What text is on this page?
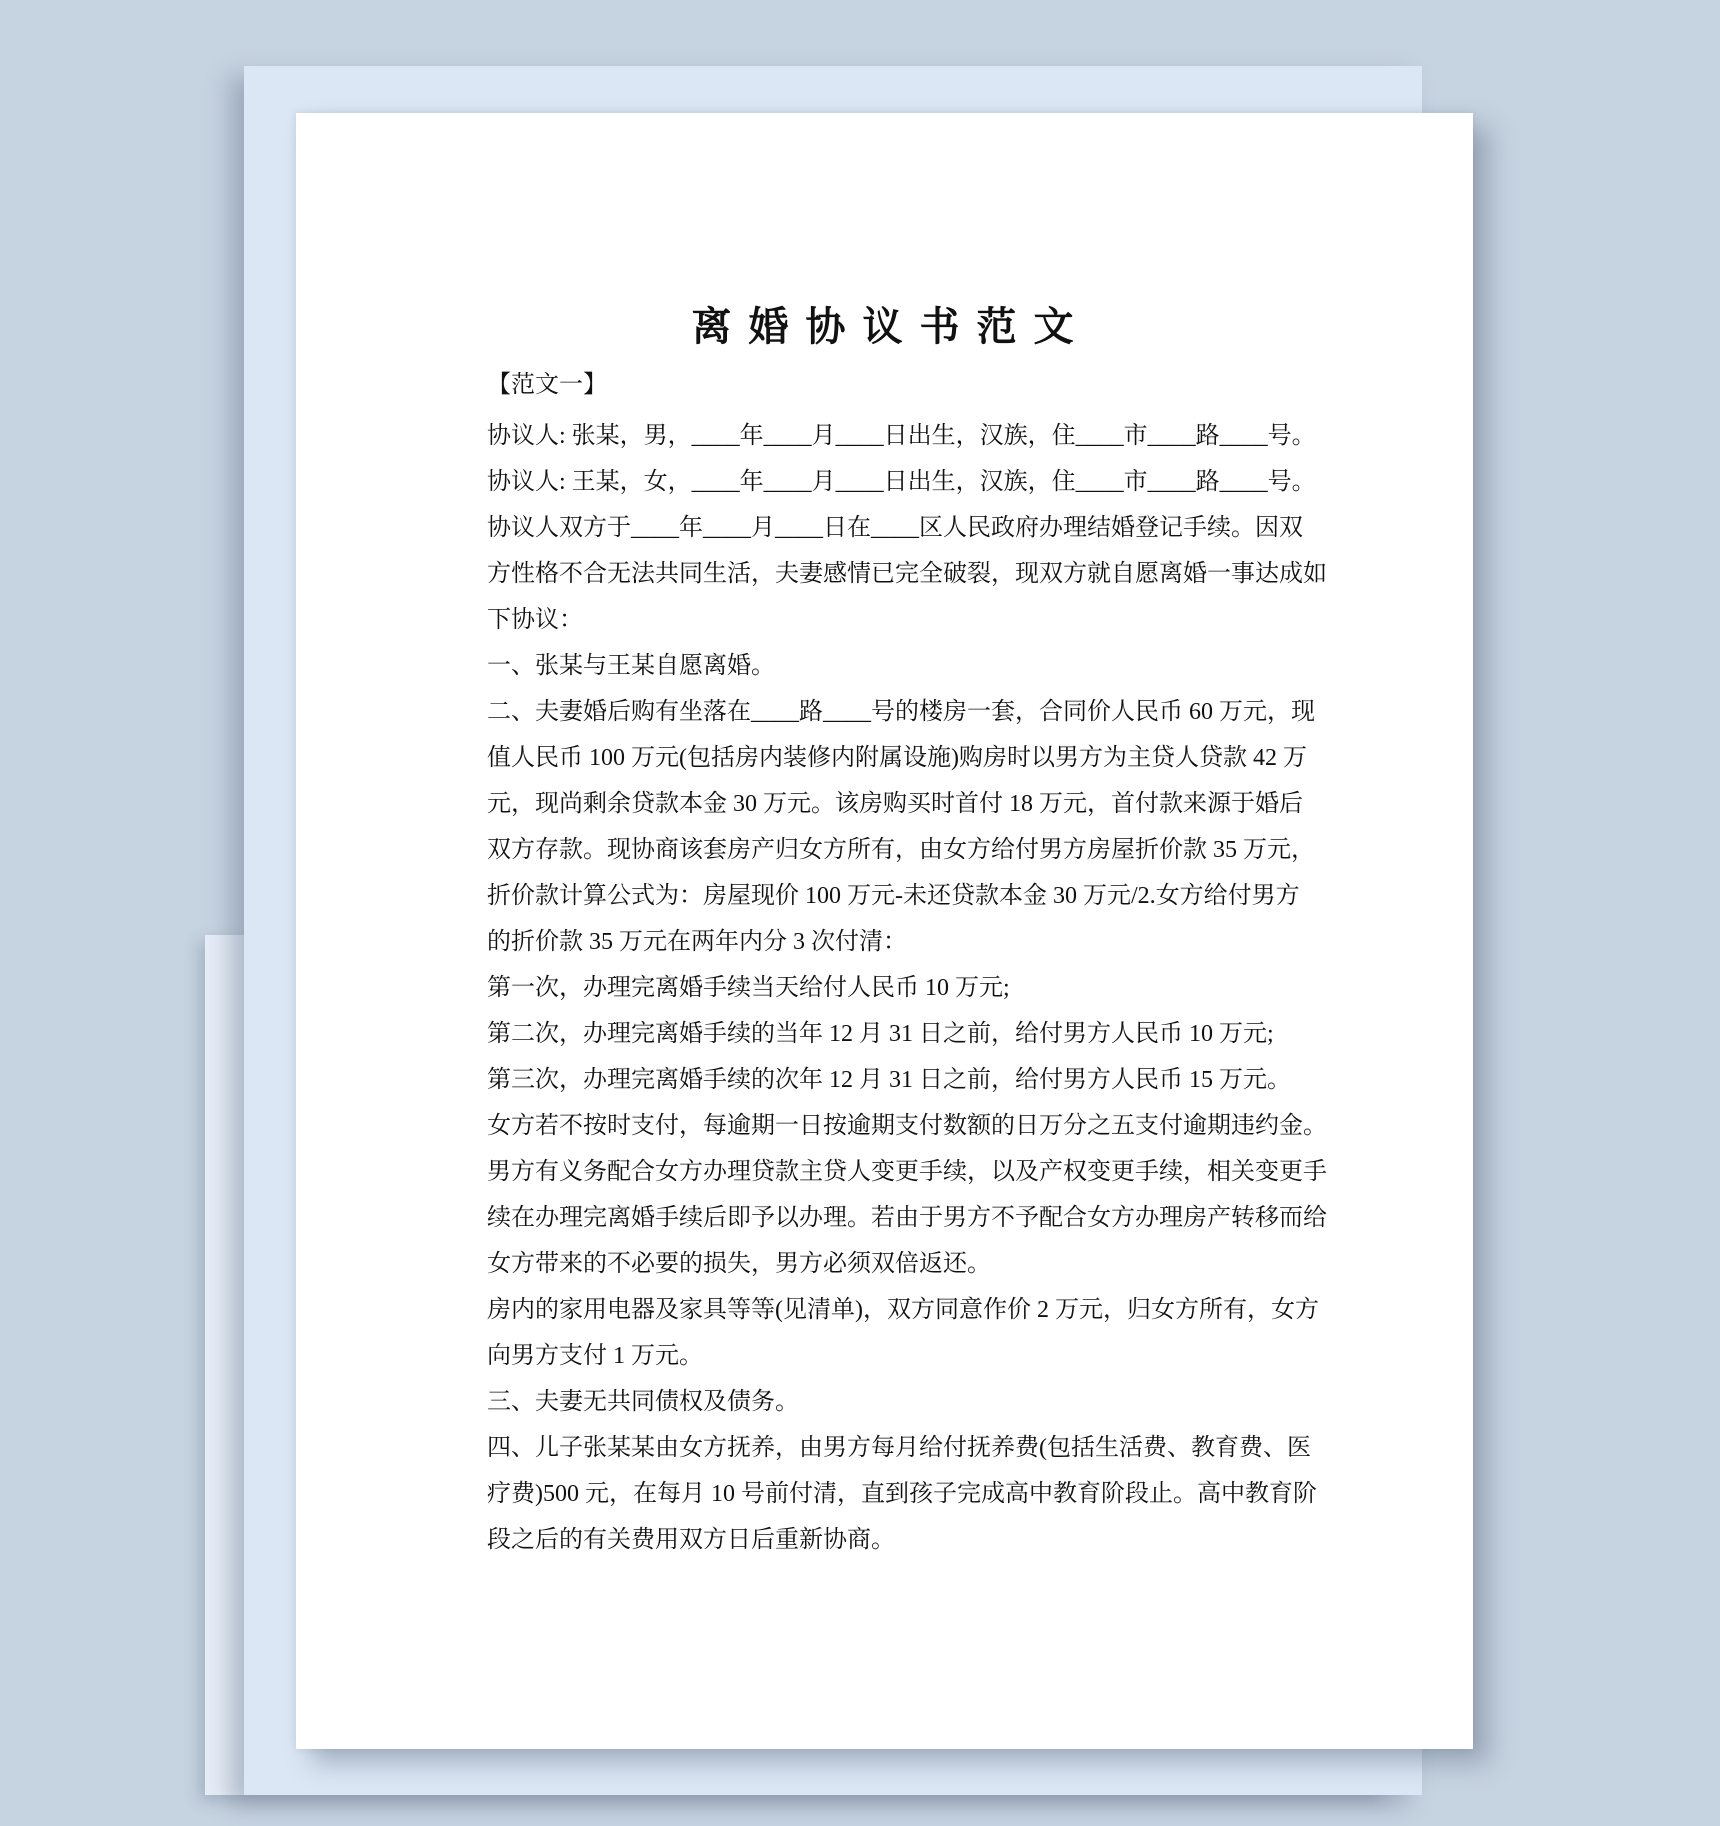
离婚协议书范文
【范文一】
协议人: 张某，男，____年____月____日出生，汉族，住____市____路____号。
协议人: 王某，女，____年____月____日出生，汉族，住____市____路____号。
协议人双方于____年____月____日在____区人民政府办理结婚登记手续。因双
方性格不合无法共同生活，夫妻感情已完全破裂，现双方就自愿离婚一事达成如
下协议：
一、张某与王某自愿离婚。
二、夫妻婚后购有坐落在____路____号的楼房一套，合同价人民币 60 万元，现
值人民币 100 万元(包括房内装修内附属设施)购房时以男方为主贷人贷款 42 万
元，现尚剩余贷款本金 30 万元。该房购买时首付 18 万元，首付款来源于婚后
双方存款。现协商该套房产归女方所有，由女方给付男方房屋折价款 35 万元，
折价款计算公式为：房屋现价 100 万元-未还贷款本金 30 万元/2.女方给付男方
的折价款 35 万元在两年内分 3 次付清：
第一次，办理完离婚手续当天给付人民币 10 万元;
第二次，办理完离婚手续的当年 12 月 31 日之前，给付男方人民币 10 万元;
第三次，办理完离婚手续的次年 12 月 31 日之前，给付男方人民币 15 万元。
女方若不按时支付，每逾期一日按逾期支付数额的日万分之五支付逾期违约金。
男方有义务配合女方办理贷款主贷人变更手续，以及产权变更手续，相关变更手
续在办理完离婚手续后即予以办理。若由于男方不予配合女方办理房产转移而给
女方带来的不必要的损失，男方必须双倍返还。
房内的家用电器及家具等等(见清单)，双方同意作价 2 万元，归女方所有，女方
向男方支付 1 万元。
三、夫妻无共同债权及债务。
四、儿子张某某由女方抚养，由男方每月给付抚养费(包括生活费、教育费、医
疗费)500 元，在每月 10 号前付清，直到孩子完成高中教育阶段止。高中教育阶
段之后的有关费用双方日后重新协商。
